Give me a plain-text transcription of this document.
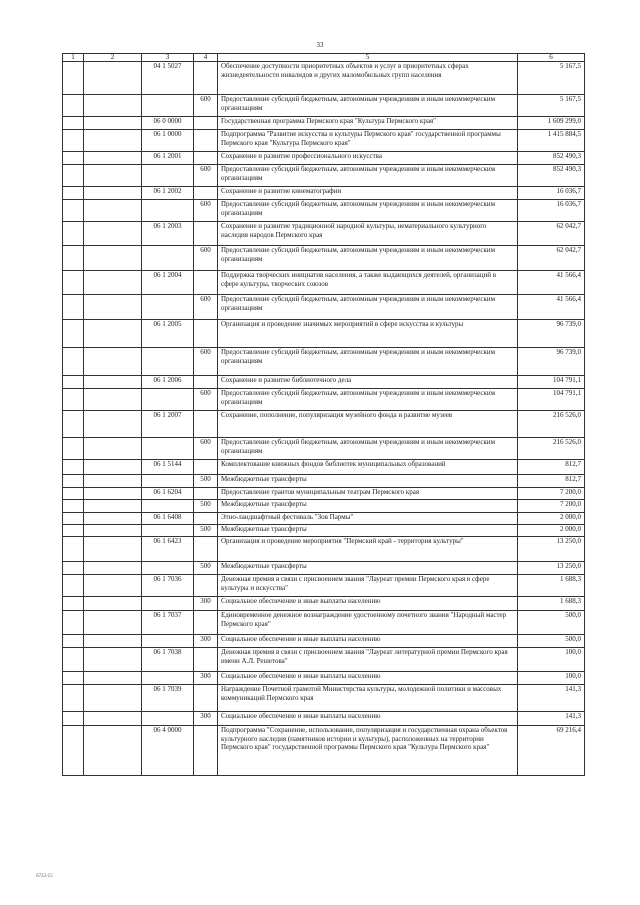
33
1	2	3	4	5	6
		04 1 5027		Обеспечение доступности приоритетных объектов и услуг в приоритетных сферах жизнедеятельности инвалидов и других маломобильных групп населения	5 167,5
			600	Предоставление субсидий бюджетным, автономным учреждениям и иным некоммерческим организациям	5 167,5
		06 0 0000		Государственная программа Пермского края "Культура Пермского края"	1 609 299,0
		06 1 0000		Подпрограмма "Развитие искусства и культуры Пермского края" государственной программы Пермского края "Культура Пермского края"	1 415 884,5
		06 1 2001		Сохранение и развитие профессионального искусства	852 490,3
			600	Предоставление субсидий бюджетным, автономным учреждениям и иным некоммерческим организациям	852 490,3
		06 1 2002		Сохранение и развитие кинематографии	16 036,7
			600	Предоставление субсидий бюджетным, автономным учреждениям и иным некоммерческим организациям	16 036,7
		06 1 2003		Сохранение и развитие традиционной народной культуры, нематериального культурного наследия народов Пермского края	62 042,7
			600	Предоставление субсидий бюджетным, автономным учреждениям и иным некоммерческим организациям	62 042,7
		06 1 2004		Поддержка творческих инициатив населения, а также выдающихся деятелей, организаций в сфере культуры, творческих союзов	41 566,4
			600	Предоставление субсидий бюджетным, автономным учреждениям и иным некоммерческим организациям	41 566,4
		06 1 2005		Организация и проведение значимых мероприятий в сфере искусства и культуры	96 739,0
			600	Предоставление субсидий бюджетным, автономным учреждениям и иным некоммерческим организациям	96 739,0
		06 1 2006		Сохранение и развитие библиотечного дела	104 791,1
			600	Предоставление субсидий бюджетным, автономным учреждениям и иным некоммерческим организациям	104 791,1
		06 1 2007		Сохранение, пополнение, популяризация музейного фонда и развитие музеев	216 526,0
			600	Предоставление субсидий бюджетным, автономным учреждениям и иным некоммерческим организациям	216 526,0
		06 1 5144		Комплектование книжных фондов библиотек муниципальных образований	812,7
			500	Межбюджетные трансферты	812,7
		06 1 6204		Предоставление грантов муниципальным театрам Пермского края	7 200,0
			500	Межбюджетные трансферты	7 200,0
		06 1 6408		Этно-ландшафтный фестиваль "Зов Пармы"	2 000,0
			500	Межбюджетные трансферты	2 000,0
		06 1 6423		Организация и проведение мероприятия "Пермский край - территория культуры"	13 250,0
			500	Межбюджетные трансферты	13 250,0
		06 1 7036		Денежная премия в связи с присвоением звания "Лауреат премии Пермского края в сфере культуры и искусства"	1 688,3
			300	Социальное обеспечение и иные выплаты населению	1 688,3
		06 1 7037		Единовременное денежное вознаграждение удостоенному почетного звания "Народный мастер Пермского края"	500,0
			300	Социальное обеспечение и иные выплаты населению	500,0
		06 1 7038		Денежная премия в связи с присвоением звания "Лауреат литературной премии Пермского края имени А.Л. Решетова"	100,0
			300	Социальное обеспечение и иные выплаты населению	100,0
		06 1 7039		Награждение Почетной грамотой Министерства культуры, молодежной политики и массовых коммуникаций Пермского края	141,3
			300	Социальное обеспечение и иные выплаты населению	141,3
		06 4 0000		Подпрограмма "Сохранение, использование, популяризация и государственная охрана объектов культурного наследия (памятников истории и культуры), расположенных на территории Пермского края" государственной программы Пермского края "Культура Пермского края"	69 216,4
6722-15
